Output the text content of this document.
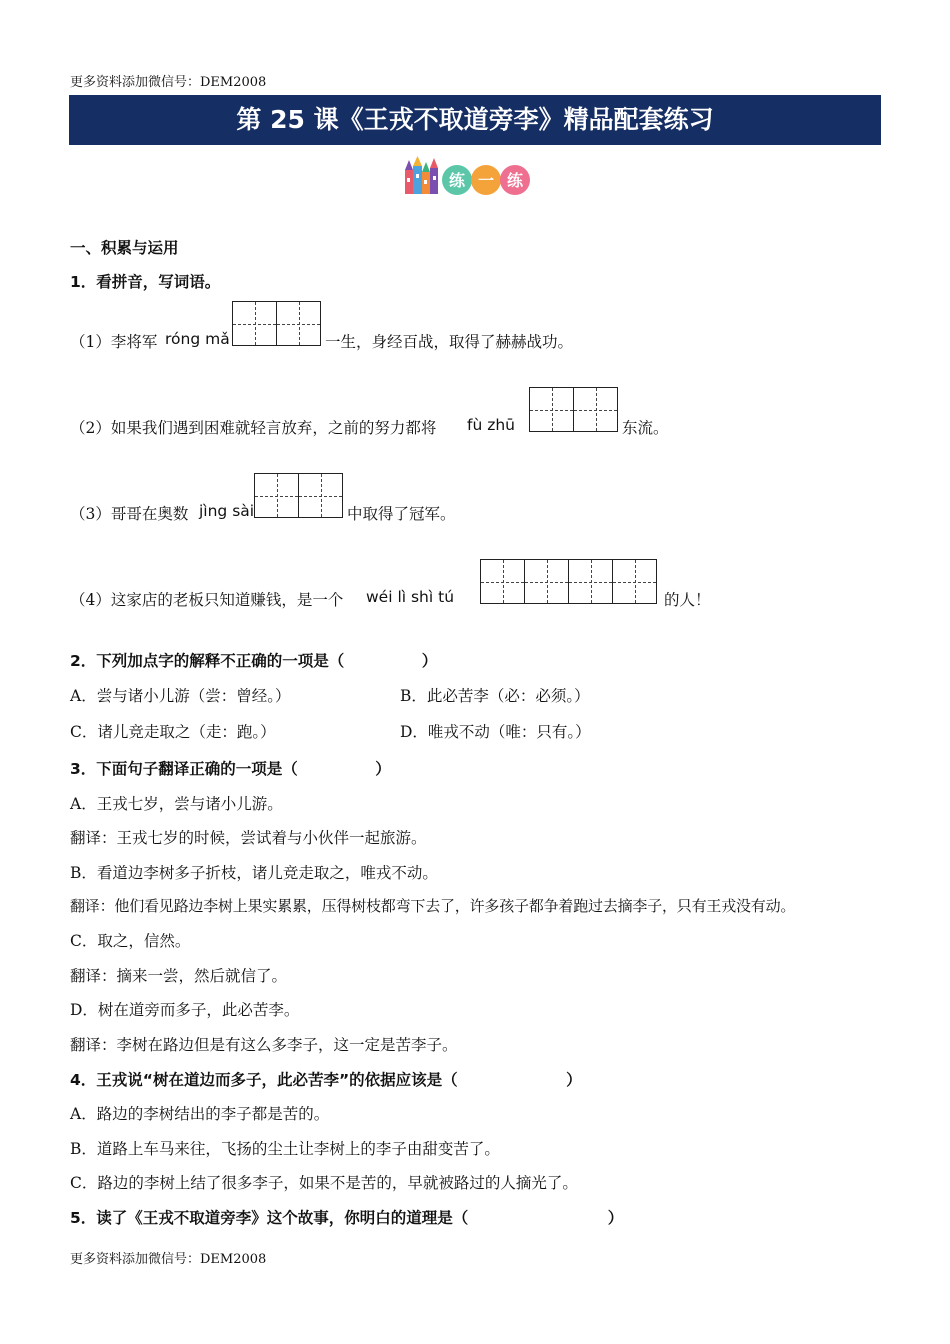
更多资料添加微信号：DEM2008
第 25 课《王戎不取道旁李》精品配套练习
练 一 练
一、积累与运用
1．看拼音，写词语。
（1）李将军 róng mǎ	一生，身经百战，取得了赫赫战功。
（2）如果我们遇到困难就轻言放弃，之前的努力都将 fù zhū	东流。
（3）哥哥在奥数 jìng sài	中取得了冠军。
（4）这家店的老板只知道赚钱，是一个 wéi lì shì tú	的人！
2．下列加点字的解释不正确的一项是（　　　　　）
A．尝与诸小儿游（尝：曾经。）	B．此必苦李（必：必须。）
C．诸儿竞走取之（走：跑。）	D．唯戎不动（唯：只有。）
3．下面句子翻译正确的一项是（　　　　　）
A．王戎七岁，尝与诸小儿游。
翻译：王戎七岁的时候，尝试着与小伙伴一起旅游。
B．看道边李树多子折枝，诸儿竞走取之，唯戎不动。
翻译：他们看见路边李树上果实累累，压得树枝都弯下去了，许多孩子都争着跑过去摘李子，只有王戎没有动。
C．取之，信然。
翻译：摘来一尝，然后就信了。
D．树在道旁而多子，此必苦李。
翻译：李树在路边但是有这么多李子，这一定是苦李子。
4．王戎说“树在道边而多子，此必苦李”的依据应该是（　　　　　　　）
A．路边的李树结出的李子都是苦的。
B．道路上车马来往，飞扬的尘土让李树上的李子由甜变苦了。
C．路边的李树上结了很多李子，如果不是苦的，早就被路过的人摘光了。
5．读了《王戎不取道旁李》这个故事，你明白的道理是（　　　　　　　　　）
更多资料添加微信号：DEM2008
